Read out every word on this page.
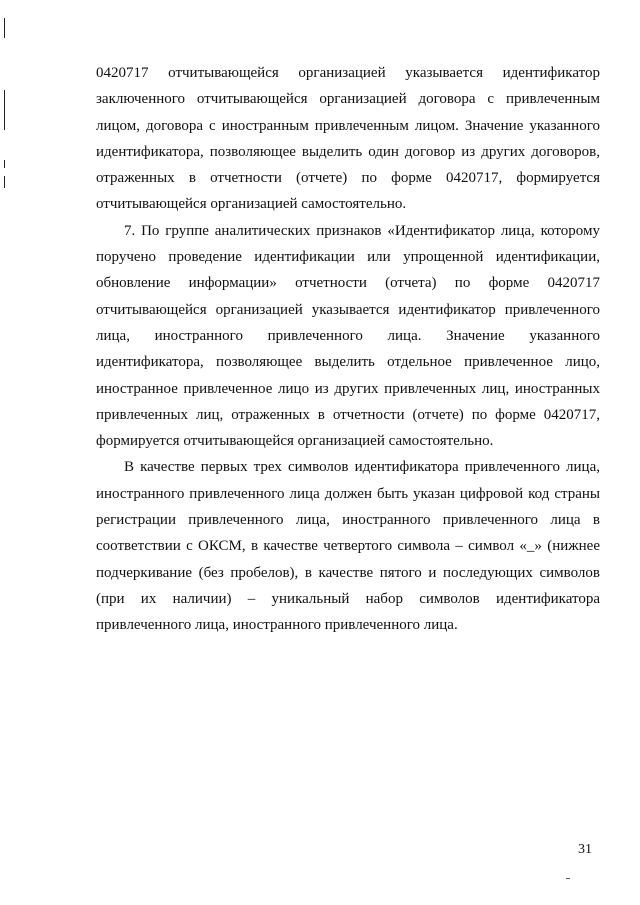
0420717 отчитывающейся организацией указывается идентификатор заключенного отчитывающейся организацией договора с привлеченным лицом, договора с иностранным привлеченным лицом. Значение указанного идентификатора, позволяющее выделить один договор из других договоров, отраженных в отчетности (отчете) по форме 0420717, формируется отчитывающейся организацией самостоятельно.

7. По группе аналитических признаков «Идентификатор лица, которому поручено проведение идентификации или упрощенной идентификации, обновление информации» отчетности (отчета) по форме 0420717 отчитывающейся организацией указывается идентификатор привлеченного лица, иностранного привлеченного лица. Значение указанного идентификатора, позволяющее выделить отдельное привлеченное лицо, иностранное привлеченное лицо из других привлеченных лиц, иностранных привлеченных лиц, отраженных в отчетности (отчете) по форме 0420717, формируется отчитывающейся организацией самостоятельно.

В качестве первых трех символов идентификатора привлеченного лица, иностранного привлеченного лица должен быть указан цифровой код страны регистрации привлеченного лица, иностранного привлеченного лица в соответствии с ОКСМ, в качестве четвертого символа – символ «_» (нижнее подчеркивание (без пробелов), в качестве пятого и последующих символов (при их наличии) – уникальный набор символов идентификатора привлеченного лица, иностранного привлеченного лица.

31
